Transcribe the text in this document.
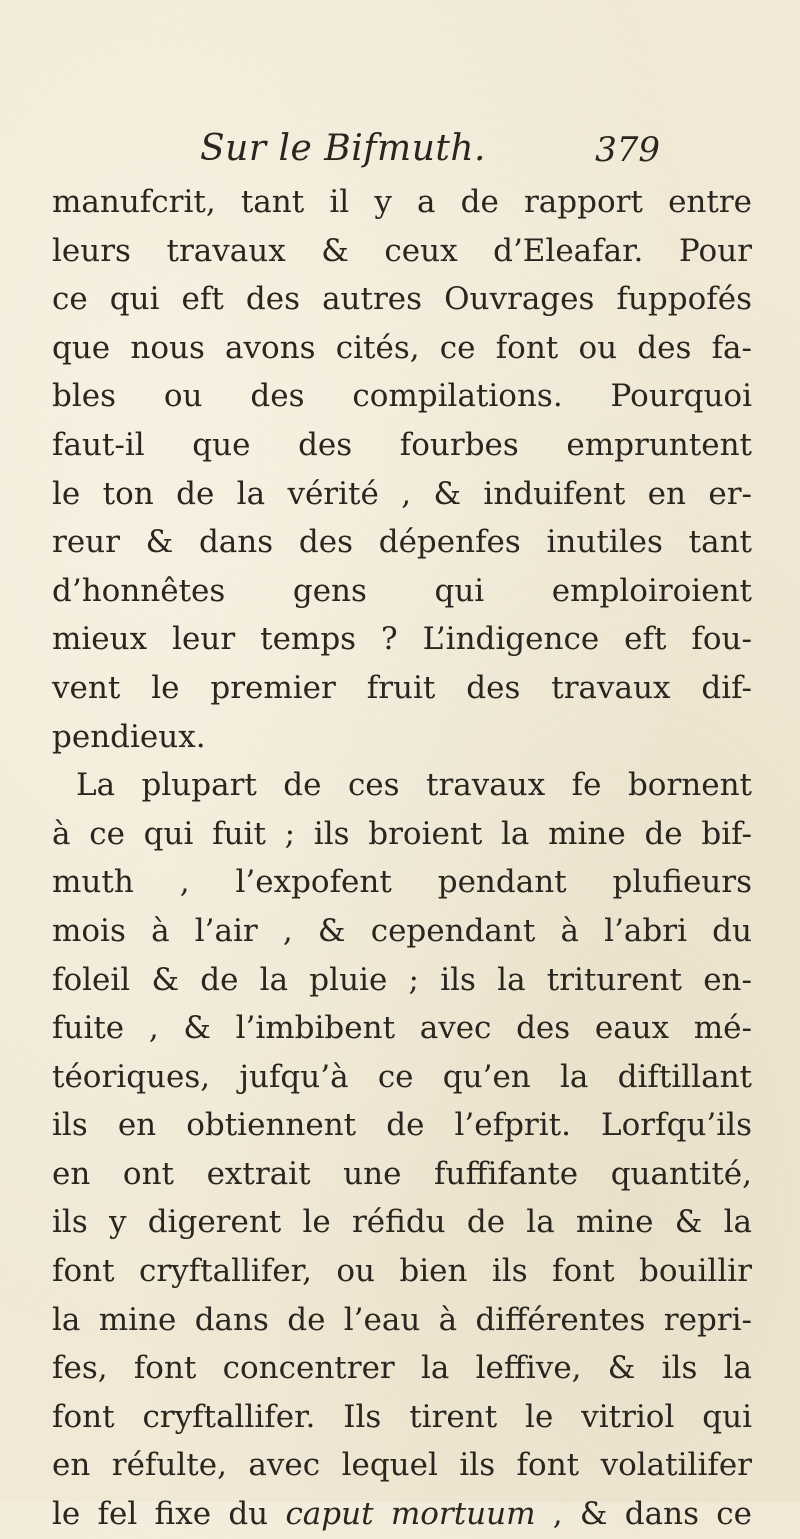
Sur le Bifmuth.	379
manufcrit, tant il y a de rapport entre
leurs travaux & ceux d’Eleafar. Pour
ce qui eft des autres Ouvrages fuppofés
que nous avons cités, ce font ou des fa-
bles ou des compilations. Pourquoi
faut-il que des fourbes empruntent
le ton de la vérité , & induifent en er-
reur & dans des dépenfes inutiles tant
d’honnêtes gens qui emploiroient
mieux leur temps ? L’indigence eft fou-
vent le premier fruit des travaux dif-
pendieux.
La plupart de ces travaux fe bornent
à ce qui fuit ; ils broient la mine de bif-
muth , l’expofent pendant plufieurs
mois à l’air , & cependant à l’abri du
foleil & de la pluie ; ils la triturent en-
fuite , & l’imbibent avec des eaux mé-
téoriques, jufqu’à ce qu’en la diftillant
ils en obtiennent de l’efprit. Lorfqu’ils
en ont extrait une fuffifante quantité,
ils y digerent le réfidu de la mine & la
font cryftallifer, ou bien ils font bouillir
la mine dans de l’eau à différentes repri-
fes, font concentrer la leffive, & ils la
font cryftallifer. Ils tirent le vitriol qui
en réfulte, avec lequel ils font volatilifer
le fel fixe du caput mortuum , & dans ce
